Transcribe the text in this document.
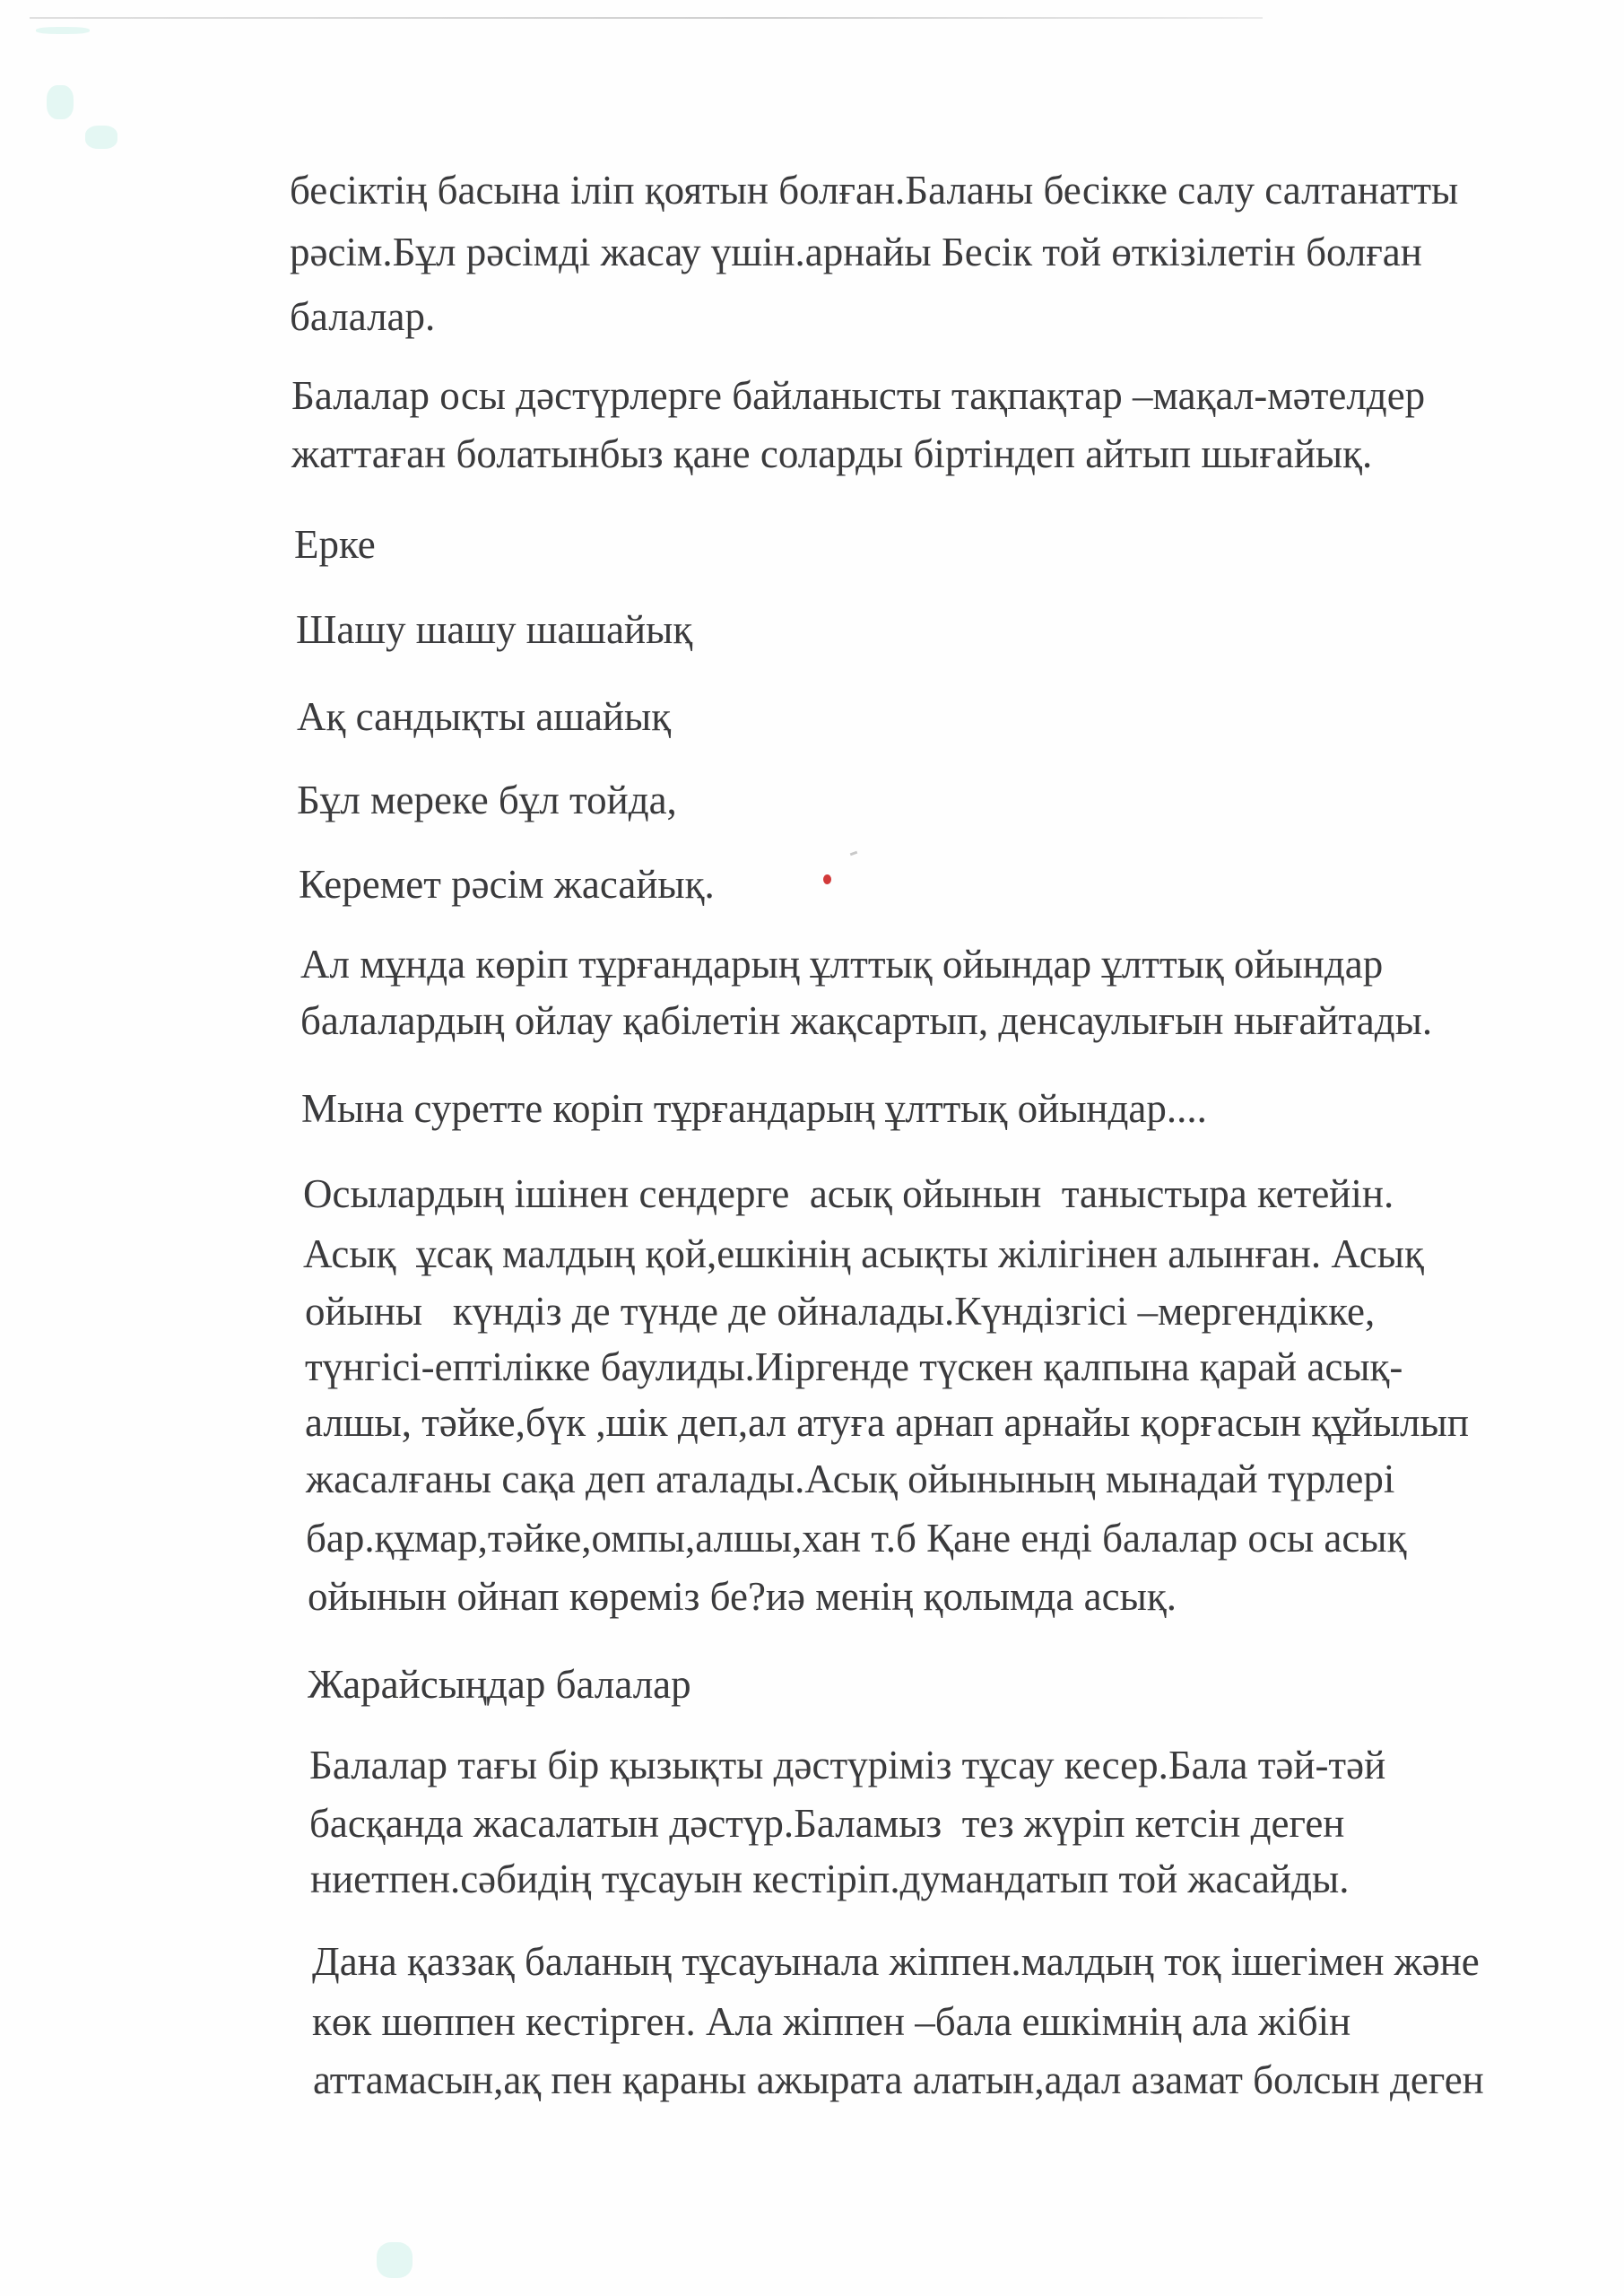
бесіктің басына іліп қоятын болған.Баланы бесікке салу салтанатты
рәсім.Бұл рәсімді жасау үшін.арнайы Бесік той өткізілетін болған
балалар.
Балалар осы дәстүрлерге байланысты тақпақтар –мақал-мәтелдер
жаттаған болатынбыз қане соларды біртіндеп айтып шығайық.
Ерке
Шашу шашу шашайық
Ақ сандықты ашайық
Бұл мереке бұл тойда,
Керемет рәсім жасайық.
Ал мұнда көріп тұрғандарың ұлттық ойындар ұлттық ойындар
балалардың ойлау қабілетін жақсартып, денсаулығын нығайтады.
Мына суретте коріп тұрғандарың ұлттық ойындар....
Осылардың ішінен сендерге  асық ойынын  таныстыра кетейін.
Асық  ұсақ малдың қой,ешкінің асықты жілігінен алынған. Асық
ойыны   күндіз де түнде де ойналады.Күндізгісі –мергендікке,
түнгісі-ептілікке баулиды.Иіргенде түскен қалпына қарай асық-
алшы, тәйке,бүк ,шік деп,ал атуға арнап арнайы қорғасын құйылып
жасалғаны сақа деп аталады.Асық ойынының мынадай түрлері
бар.құмар,тәйке,омпы,алшы,хан т.б Қане енді балалар осы асық
ойынын ойнап көреміз бе?иә менің қолымда асық.
Жарайсыңдар балалар
Балалар тағы бір қызықты дәстүріміз тұсау кесер.Бала тәй-тәй
басқанда жасалатын дәстүр.Баламыз  тез жүріп кетсін деген
ниетпен.сәбидің тұсауын кестіріп.думандатып той жасайды.
Дана қаззақ баланың тұсауынала жіппен.малдың тоқ ішегімен және
көк шөппен кестірген. Ала жіппен –бала ешкімнің ала жібін
аттамасын,ақ пен қараны ажырата алатын,адал азамат болсын деген
